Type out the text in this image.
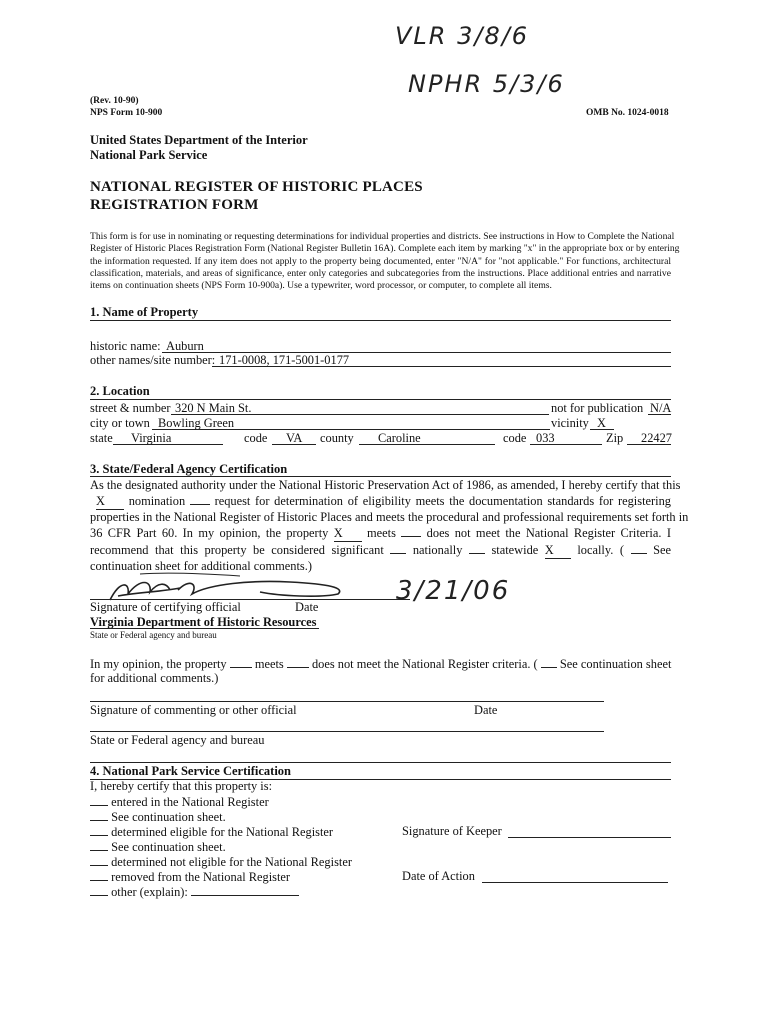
VLR 3/8/6
NPHR 5/3/6
(Rev. 10-90)
NPS Form 10-900	OMB No. 1024-0018
United States Department of the Interior
National Park Service
NATIONAL REGISTER OF HISTORIC PLACES
REGISTRATION FORM
This form is for use in nominating or requesting determinations for individual properties and districts. See instructions in How to Complete the National
Register of Historic Places Registration Form (National Register Bulletin 16A). Complete each item by marking "x" in the appropriate box or by entering
the information requested. If any item does not apply to the property being documented, enter "N/A" for "not applicable." For functions, architectural
classification, materials, and areas of significance, enter only categories and subcategories from the instructions. Place additional entries and narrative
items on continuation sheets (NPS Form 10-900a). Use a typewriter, word processor, or computer, to complete all items.
1. Name of Property
historic name: Auburn
other names/site number: 171-0008, 171-5001-0177
2. Location
street & number 320 N Main St.	not for publication N/A
city or town Bowling Green	vicinity X
state Virginia	code VA county Caroline	code 033	Zip 22427
3. State/Federal Agency Certification
As the designated authority under the National Historic Preservation Act of 1986, as amended, I hereby certify that this
X nomination request for determination of eligibility meets the documentation standards for registering
properties in the National Register of Historic Places and meets the procedural and professional requirements set forth in
36 CFR Part 60. In my opinion, the property X meets does not meet the National Register Criteria. I
recommend that this property be considered significant nationally statewide X locally. ( See
continuation sheet for additional comments.)
3/21/06
Signature of certifying official	Date
Virginia Department of Historic Resources
State or Federal agency and bureau
In my opinion, the property meets does not meet the National Register criteria. ( See continuation sheet
for additional comments.)
Signature of commenting or other official	Date
State or Federal agency and bureau
4. National Park Service Certification
I, hereby certify that this property is:
entered in the National Register
See continuation sheet.
determined eligible for the National Register
See continuation sheet.
determined not eligible for the National Register
removed from the National Register
other (explain):
Signature of Keeper
Date of Action
